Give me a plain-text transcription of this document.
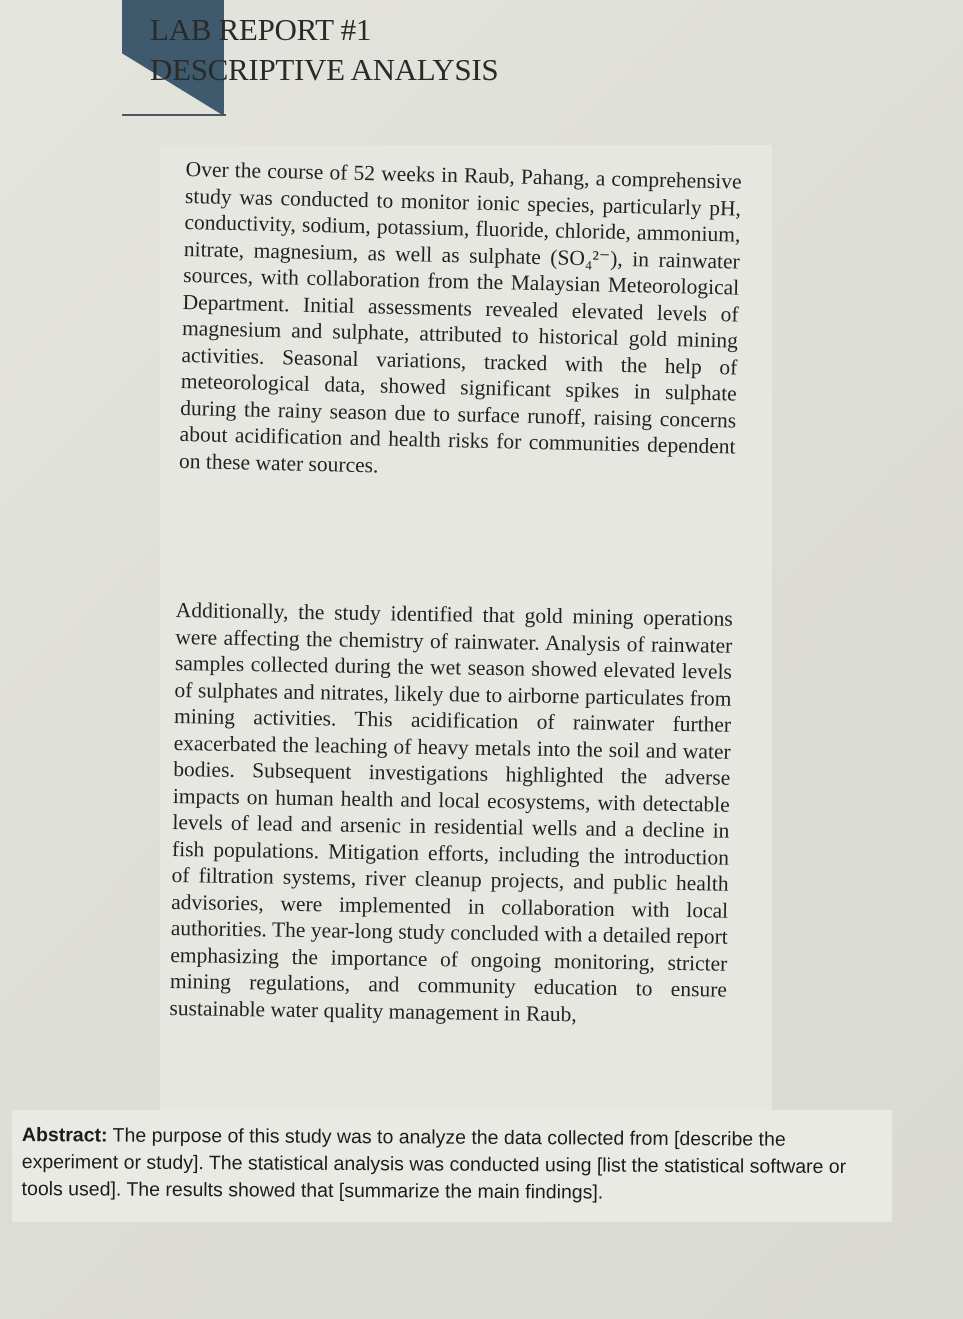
LAB REPORT #1
DESCRIPTIVE ANALYSIS
Over the course of 52 weeks in Raub, Pahang, a comprehensive study was conducted to monitor ionic species, particularly pH, conductivity, sodium, potassium, fluoride, chloride, ammonium, nitrate, magnesium, as well as sulphate (SO₄²⁻), in rainwater sources, with collaboration from the Malaysian Meteorological Department. Initial assessments revealed elevated levels of magnesium and sulphate, attributed to historical gold mining activities. Seasonal variations, tracked with the help of meteorological data, showed significant spikes in sulphate during the rainy season due to surface runoff, raising concerns about acidification and health risks for communities dependent on these water sources.
Additionally, the study identified that gold mining operations were affecting the chemistry of rainwater. Analysis of rainwater samples collected during the wet season showed elevated levels of sulphates and nitrates, likely due to airborne particulates from mining activities. This acidification of rainwater further exacerbated the leaching of heavy metals into the soil and water bodies. Subsequent investigations highlighted the adverse impacts on human health and local ecosystems, with detectable levels of lead and arsenic in residential wells and a decline in fish populations. Mitigation efforts, including the introduction of filtration systems, river cleanup projects, and public health advisories, were implemented in collaboration with local authorities. The year-long study concluded with a detailed report emphasizing the importance of ongoing monitoring, stricter mining regulations, and community education to ensure sustainable water quality management in Raub,
Abstract: The purpose of this study was to analyze the data collected from [describe the experiment or study]. The statistical analysis was conducted using [list the statistical software or tools used]. The results showed that [summarize the main findings].
